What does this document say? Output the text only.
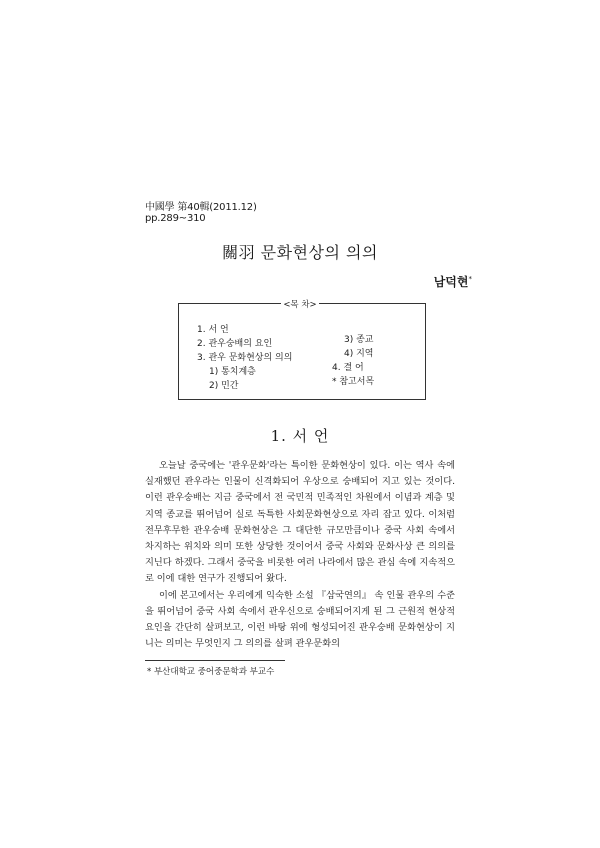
中國學 第40輯(2011.12)
pp.289~310
關羽 문화현상의 의의
남덕현*
<목 차>
1. 서 언
2. 관우숭배의 요인
3. 관우 문화현상의 의의
1) 통치계층
2) 민간
3) 종교
4) 지역
4. 결 어
* 참고서목
1. 서 언

오늘날 중국에는 '관우문화'라는 특이한 문화현상이 있다. 이는 역사 속에 실재했던 관우라는 인물이 신격화되어 우상으로 숭배되어 지고 있는 것이다. 이런 관우숭배는 지금 중국에서 전 국민적 민족적인 차원에서 이념과 계층 및 지역 종교를 뛰어넘어 실로 독특한 사회문화현상으로 자리 잡고 있다. 이처럼 전무후무한 관우숭배 문화현상은 그 대단한 규모만큼이나 중국 사회 속에서 차지하는 위치와 의미 또한 상당한 것이어서 중국 사회와 문화사상 큰 의의를 지닌다 하겠다. 그래서 중국을 비롯한 여러 나라에서 많은 관심 속에 지속적으로 이에 대한 연구가 진행되어 왔다.

이에 본고에서는 우리에게 익숙한 소설 『삼국연의』 속 인물 관우의 수준을 뛰어넘어 중국 사회 속에서 관우신으로 숭배되어지게 된 그 근원적 현상적 요인을 간단히 살펴보고, 이런 바탕 위에 형성되어진 관우숭배 문화현상이 지니는 의미는 무엇인지 그 의의를 살펴 관우문화의

* 부산대학교 중어중문학과 부교수
